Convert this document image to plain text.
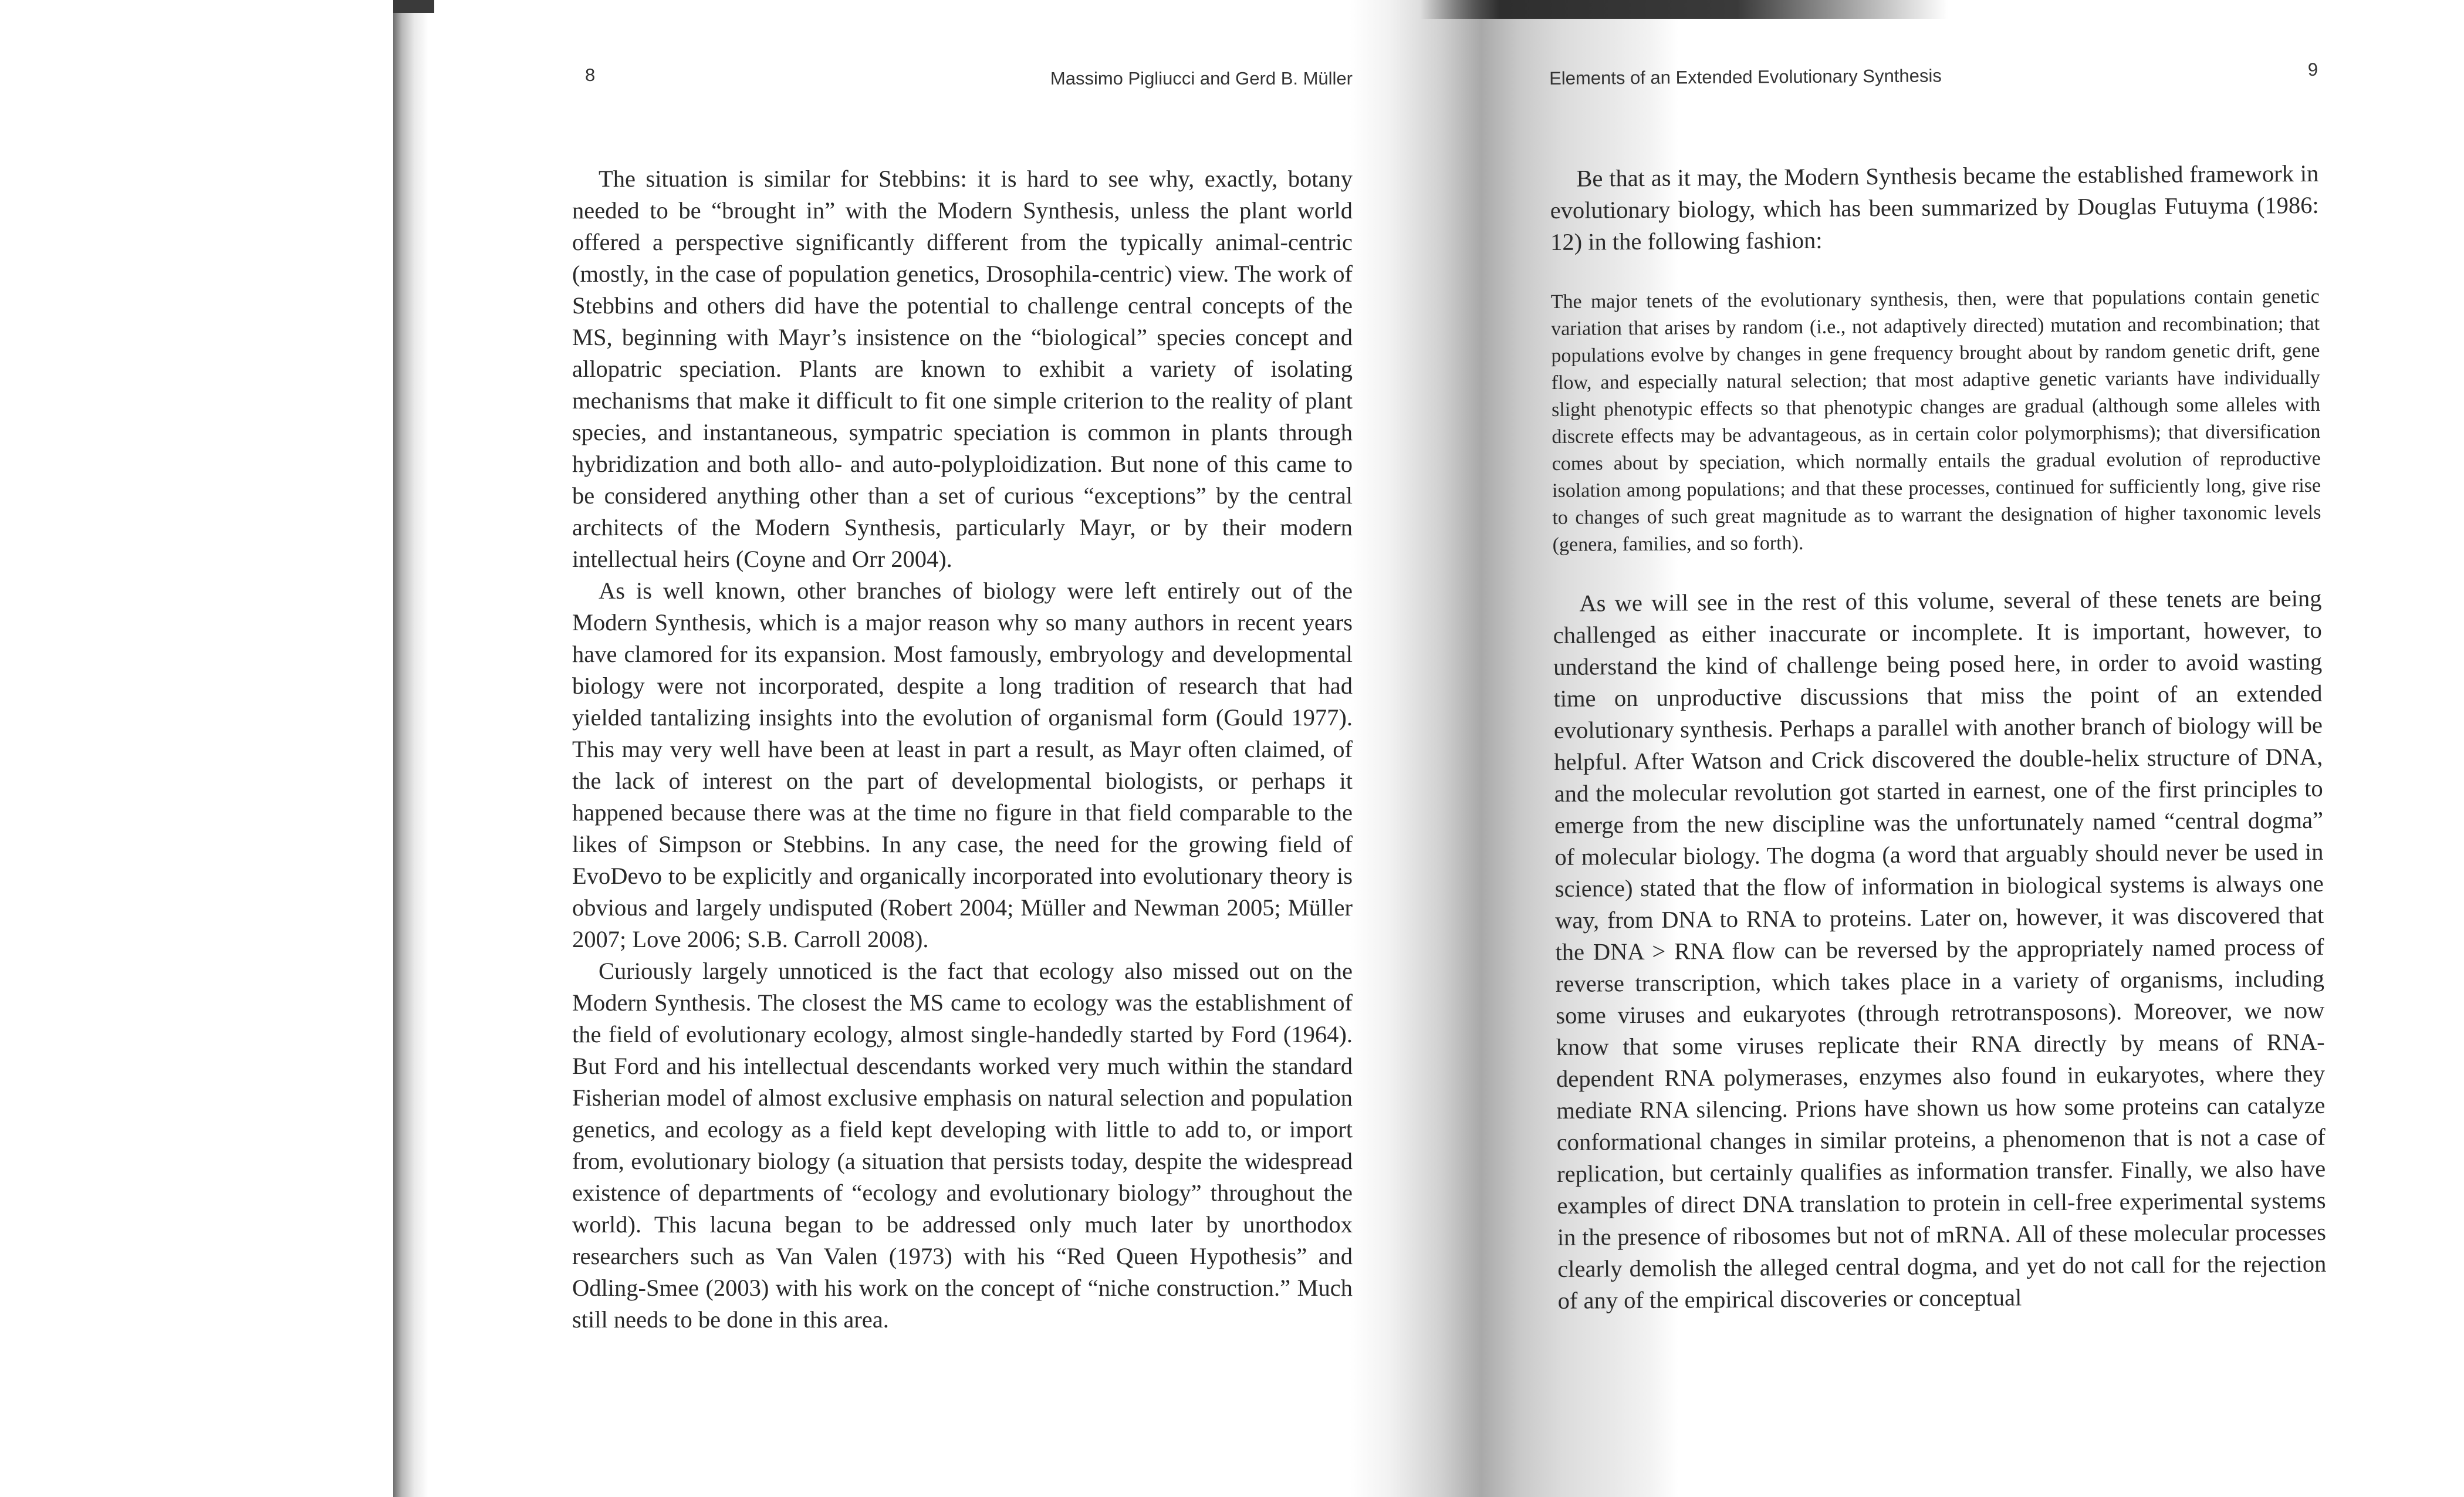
8	Massimo Pigliucci and Gerd B. Müller

The situation is similar for Stebbins: it is hard to see why, exactly, botany needed to be “brought in” with the Modern Synthesis, unless the plant world offered a perspective significantly different from the typically animal-centric (mostly, in the case of population genetics, Drosophila-centric) view. The work of Stebbins and others did have the potential to challenge central concepts of the MS, beginning with Mayr’s insistence on the “biological” species concept and allopatric speciation. Plants are known to exhibit a variety of isolating mechanisms that make it difficult to fit one simple criterion to the reality of plant species, and instantaneous, sympatric speciation is common in plants through hybridization and both allo- and auto-polyploidization. But none of this came to be considered anything other than a set of curious “exceptions” by the central architects of the Modern Synthesis, particularly Mayr, or by their modern intellectual heirs (Coyne and Orr 2004).

As is well known, other branches of biology were left entirely out of the Modern Synthesis, which is a major reason why so many authors in recent years have clamored for its expansion. Most famously, embryology and developmental biology were not incorporated, despite a long tradition of research that had yielded tantalizing insights into the evolution of organismal form (Gould 1977). This may very well have been at least in part a result, as Mayr often claimed, of the lack of interest on the part of developmental biologists, or perhaps it happened because there was at the time no figure in that field comparable to the likes of Simpson or Stebbins. In any case, the need for the growing field of EvoDevo to be explicitly and organically incorporated into evolutionary theory is obvious and largely undisputed (Robert 2004; Müller and Newman 2005; Müller 2007; Love 2006; S.B. Carroll 2008).

Curiously largely unnoticed is the fact that ecology also missed out on the Modern Synthesis. The closest the MS came to ecology was the establishment of the field of evolutionary ecology, almost single-handedly started by Ford (1964). But Ford and his intellectual descendants worked very much within the standard Fisherian model of almost exclusive emphasis on natural selection and population genetics, and ecology as a field kept developing with little to add to, or import from, evolutionary biology (a situation that persists today, despite the widespread existence of departments of “ecology and evolutionary biology” throughout the world). This lacuna began to be addressed only much later by unorthodox researchers such as Van Valen (1973) with his “Red Queen Hypothesis” and Odling-Smee (2003) with his work on the concept of “niche construction.” Much still needs to be done in this area.

Elements of an Extended Evolutionary Synthesis	9

Be that as it may, the Modern Synthesis became the established framework in evolutionary biology, which has been summarized by Douglas Futuyma (1986: 12) in the following fashion:

The major tenets of the evolutionary synthesis, then, were that populations contain genetic variation that arises by random (i.e., not adaptively directed) mutation and recombination; that populations evolve by changes in gene frequency brought about by random genetic drift, gene flow, and especially natural selection; that most adaptive genetic variants have individually slight phenotypic effects so that phenotypic changes are gradual (although some alleles with discrete effects may be advantageous, as in certain color polymorphisms); that diversification comes about by speciation, which normally entails the gradual evolution of reproductive isolation among populations; and that these processes, continued for sufficiently long, give rise to changes of such great magnitude as to warrant the designation of higher taxonomic levels (genera, families, and so forth).

As we will see in the rest of this volume, several of these tenets are being challenged as either inaccurate or incomplete. It is important, however, to understand the kind of challenge being posed here, in order to avoid wasting time on unproductive discussions that miss the point of an extended evolutionary synthesis. Perhaps a parallel with another branch of biology will be helpful. After Watson and Crick discovered the double-helix structure of DNA, and the molecular revolution got started in earnest, one of the first principles to emerge from the new discipline was the unfortunately named “central dogma” of molecular biology. The dogma (a word that arguably should never be used in science) stated that the flow of information in biological systems is always one way, from DNA to RNA to proteins. Later on, however, it was discovered that the DNA > RNA flow can be reversed by the appropriately named process of reverse transcription, which takes place in a variety of organisms, including some viruses and eukaryotes (through retrotransposons). Moreover, we now know that some viruses replicate their RNA directly by means of RNA-dependent RNA polymerases, enzymes also found in eukaryotes, where they mediate RNA silencing. Prions have shown us how some proteins can catalyze conformational changes in similar proteins, a phenomenon that is not a case of replication, but certainly qualifies as information transfer. Finally, we also have examples of direct DNA translation to protein in cell-free experimental systems in the presence of ribosomes but not of mRNA. All of these molecular processes clearly demolish the alleged central dogma, and yet do not call for the rejection of any of the empirical discoveries or conceptual
